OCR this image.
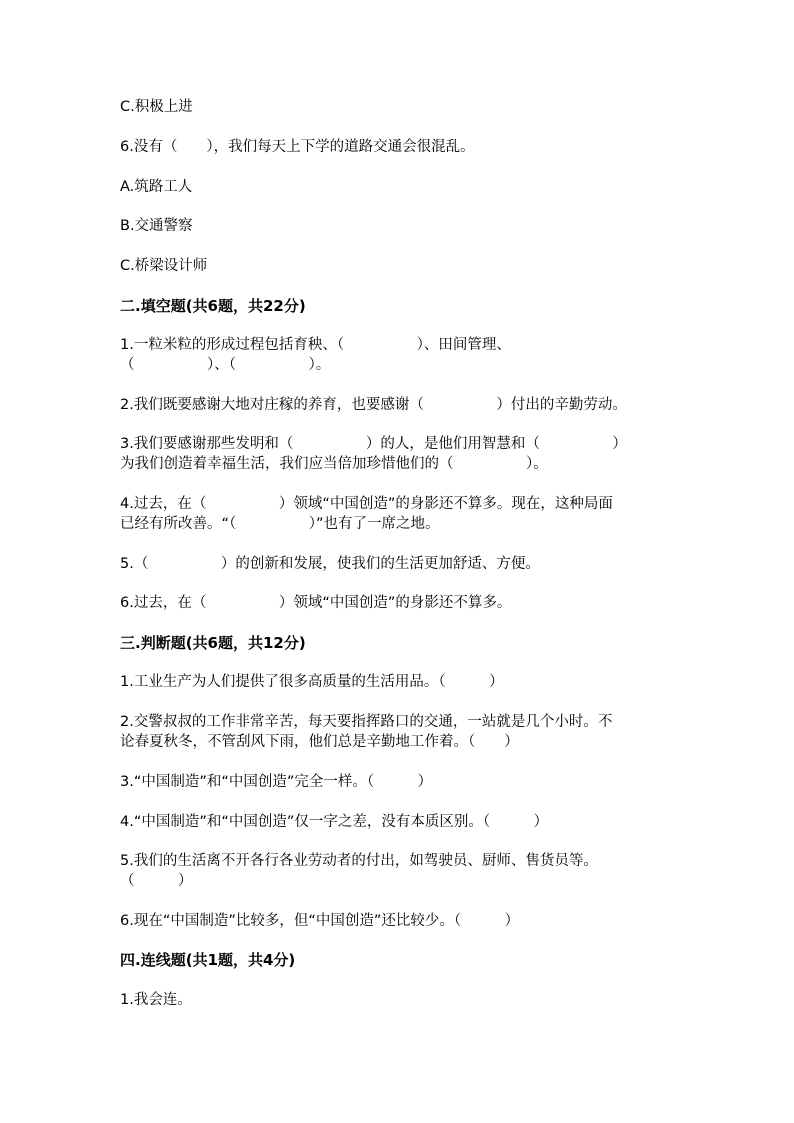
C.积极上进
6.没有（　　），我们每天上下学的道路交通会很混乱。
A.筑路工人
B.交通警察
C.桥梁设计师
二.填空题(共6题，共22分)
1.一粒米粒的形成过程包括育秧、（　　　　　）、田间管理、
（　　　　　）、（　　　　　）。
2.我们既要感谢大地对庄稼的养育，也要感谢（　　　　　）付出的辛勤劳动。
3.我们要感谢那些发明和（　　　　　）的人，是他们用智慧和（　　　　　）
为我们创造着幸福生活，我们应当倍加珍惜他们的（　　　　　）。
4.过去，在（　　　　　）领域“中国创造”的身影还不算多。现在，这种局面
已经有所改善。“（　　　　　）”也有了一席之地。
5.（　　　　　）的创新和发展，使我们的生活更加舒适、方便。
6.过去，在（　　　　　）领域“中国创造”的身影还不算多。
三.判断题(共6题，共12分)
1.工业生产为人们提供了很多高质量的生活用品。（　　　）
2.交警叔叔的工作非常辛苦，每天要指挥路口的交通，一站就是几个小时。不
论春夏秋冬，不管刮风下雨，他们总是辛勤地工作着。（　　）
3.“中国制造”和“中国创造”完全一样。（　　　）
4.“中国制造”和“中国创造”仅一字之差，没有本质区别。（　　　）
5.我们的生活离不开各行各业劳动者的付出，如驾驶员、厨师、售货员等。
（　　　）
6.现在“中国制造”比较多，但“中国创造”还比较少。（　　　）
四.连线题(共1题，共4分)
1.我会连。
